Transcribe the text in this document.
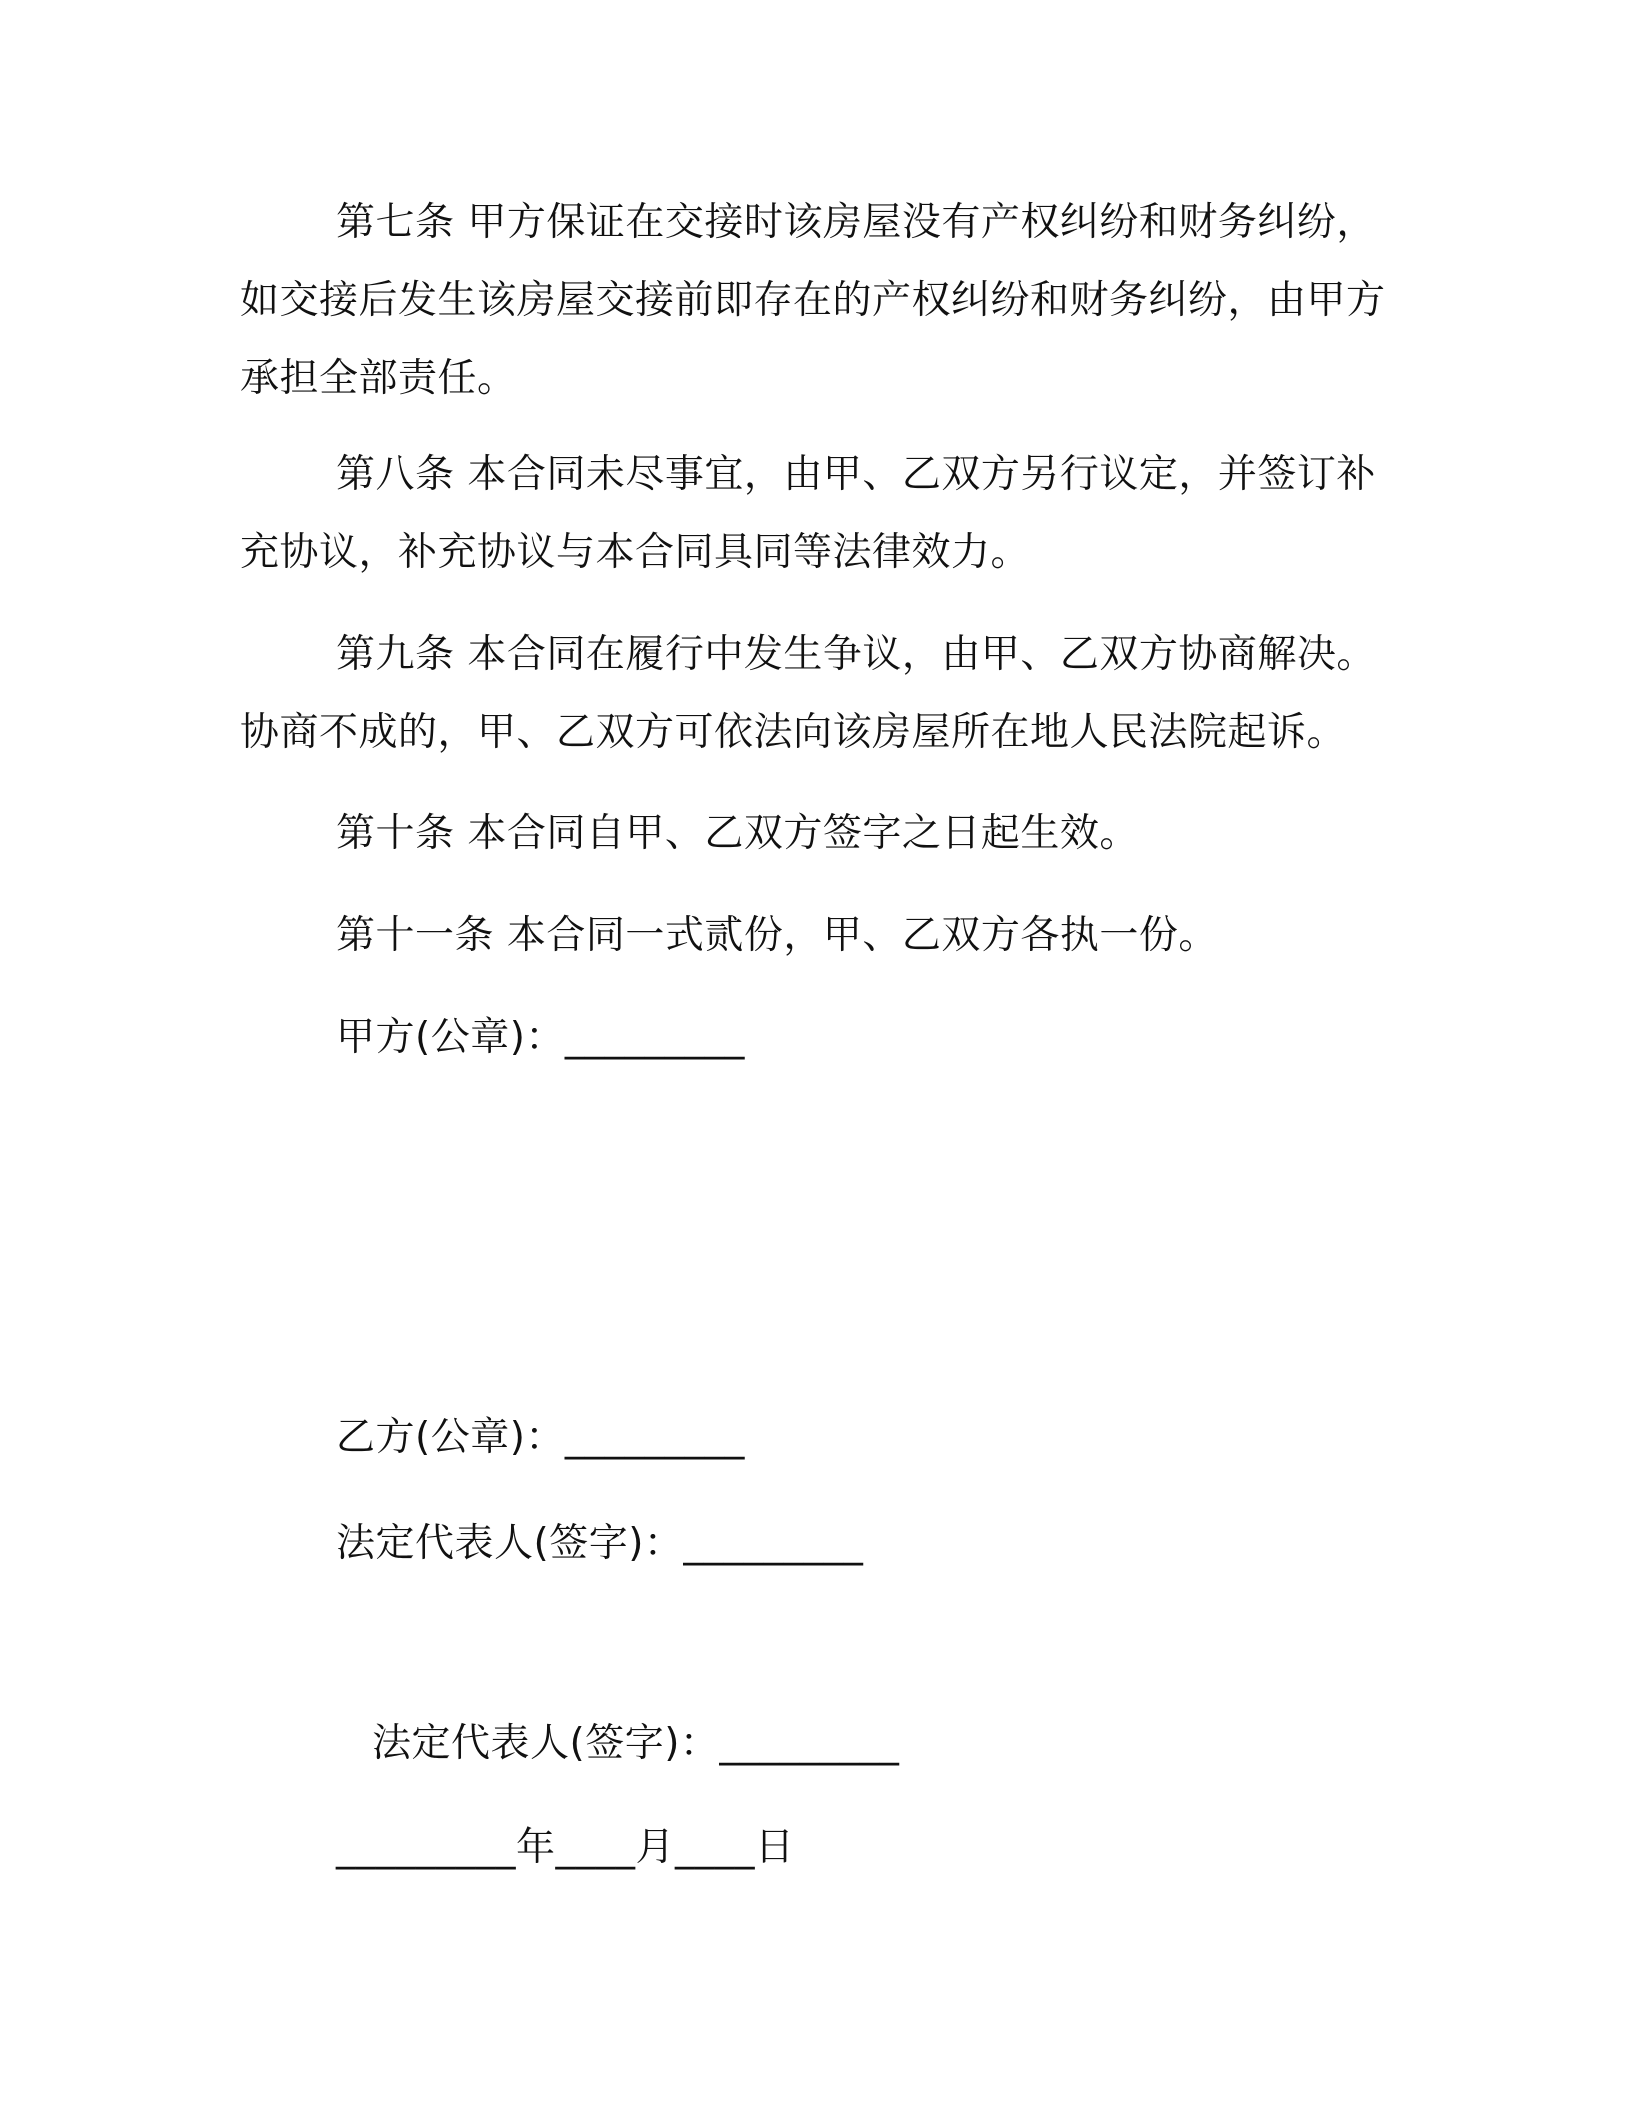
第七条 甲方保证在交接时该房屋没有产权纠纷和财务纠纷，如交接后发生该房屋交接前即存在的产权纠纷和财务纠纷，由甲方承担全部责任。

第八条 本合同未尽事宜，由甲、乙双方另行议定，并签订补充协议，补充协议与本合同具同等法律效力。

第九条 本合同在履行中发生争议，由甲、乙双方协商解决。协商不成的，甲、乙双方可依法向该房屋所在地人民法院起诉。

第十条 本合同自甲、乙双方签字之日起生效。

第十一条 本合同一式贰份，甲、乙双方各执一份。

甲方(公章)：_________

乙方(公章)：_________

法定代表人(签字)：_________

法定代表人(签字)：_________

_________年____月____日
